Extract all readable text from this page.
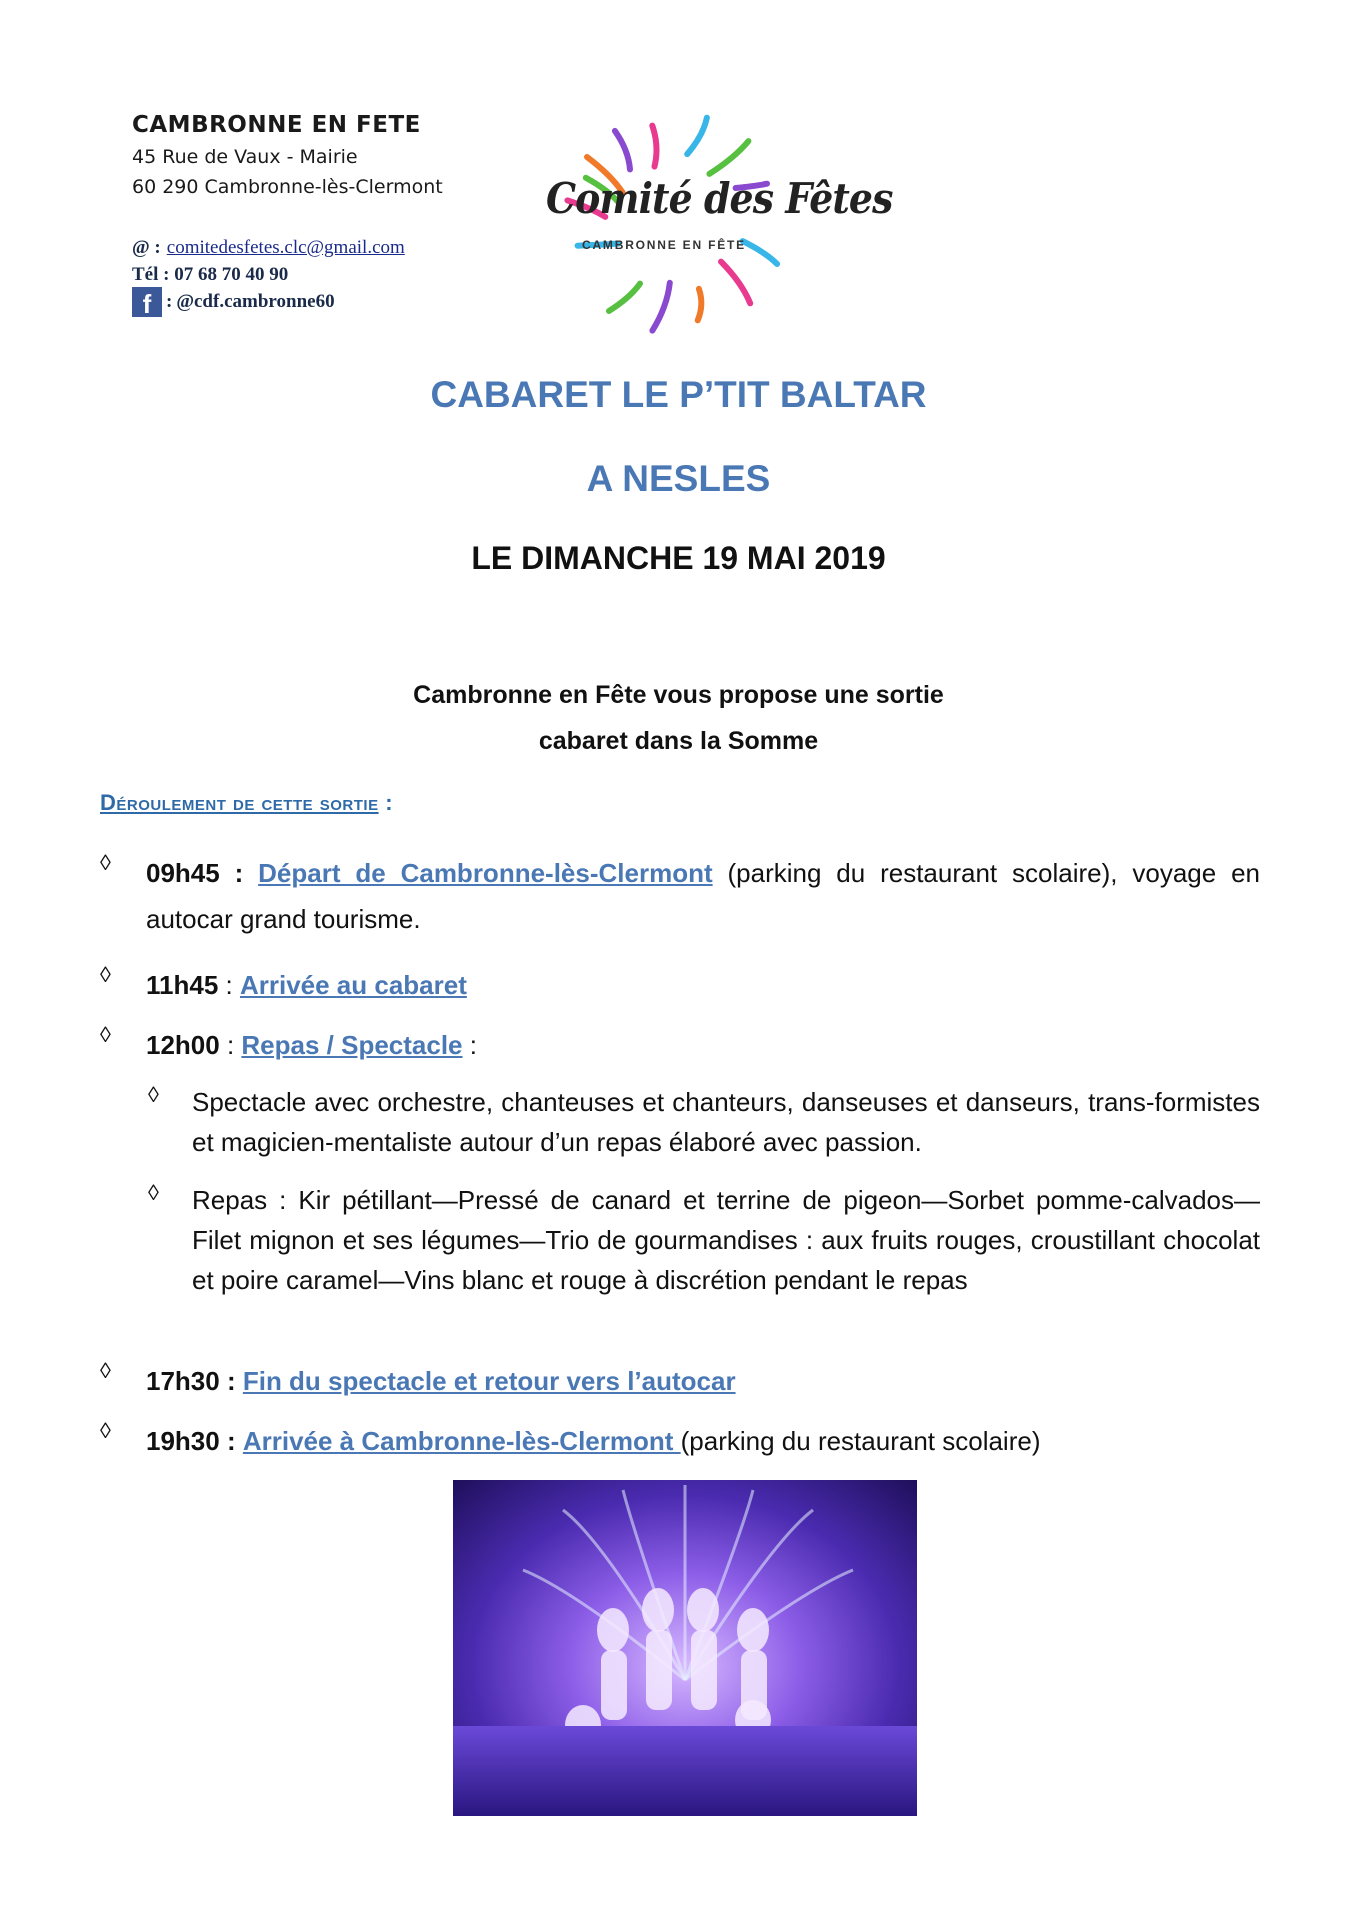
CAMBRONNE EN FETE
45 Rue de Vaux - Mairie
60 290 Cambronne-lès-Clermont
@ : comitedesfetes.clc@gmail.com
Tél : 07 68 70 40 90
f : @cdf.cambronne60
Comité des Fêtes
CAMBRONNE EN FÊTE
CABARET LE P’TIT BALTAR
A NESLES
LE DIMANCHE 19 MAI 2019
Cambronne en Fête vous propose une sortie
cabaret dans la Somme
Déroulement de cette sortie :
◊ 09h45 : Départ de Cambronne-lès-Clermont (parking du restaurant scolaire), voyage en autocar grand tourisme.
◊ 11h45 : Arrivée au cabaret
◊ 12h00 : Repas / Spectacle :
◊ Spectacle avec orchestre, chanteuses et chanteurs, danseuses et danseurs, trans-formistes et magicien-mentaliste autour d’un repas élaboré avec passion.
◊ Repas : Kir pétillant—Pressé de canard et terrine de pigeon—Sorbet pomme-calvados—Filet mignon et ses légumes—Trio de gourmandises : aux fruits rouges, croustillant chocolat et poire caramel—Vins blanc et rouge à discrétion pendant le repas
◊ 17h30 : Fin du spectacle et retour vers l’autocar
◊ 19h30 : Arrivée à Cambronne-lès-Clermont (parking du restaurant scolaire)
